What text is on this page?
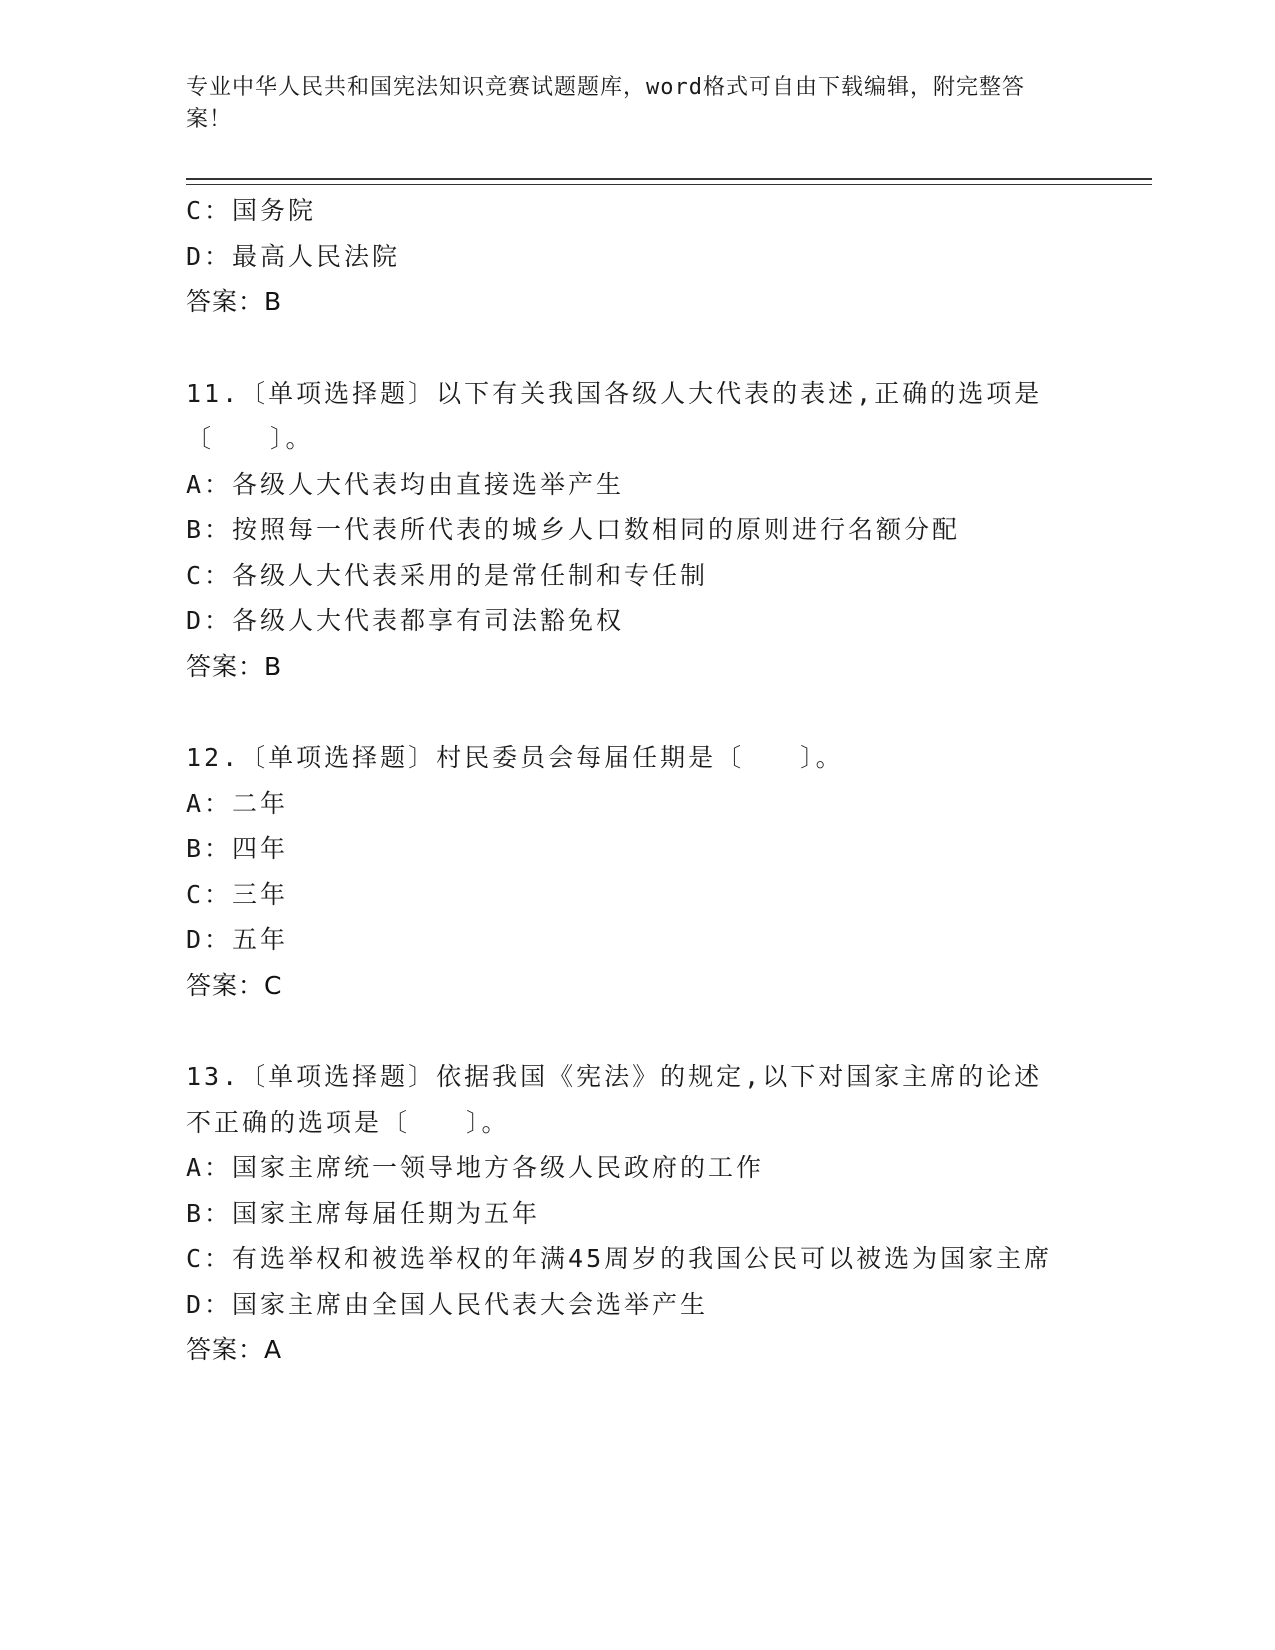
专业中华人民共和国宪法知识竞赛试题题库，word格式可自由下载编辑，附完整答案！
C：国务院
D：最高人民法院
答案：B
11.〔单项选择题〕以下有关我国各级人大代表的表述,正确的选项是〔　　〕。
A：各级人大代表均由直接选举产生
B：按照每一代表所代表的城乡人口数相同的原则进行名额分配
C：各级人大代表采用的是常任制和专任制
D：各级人大代表都享有司法豁免权
答案：B
12.〔单项选择题〕村民委员会每届任期是〔　　〕。
A：二年
B：四年
C：三年
D：五年
答案：C
13.〔单项选择题〕依据我国《宪法》的规定,以下对国家主席的论述不正确的选项是〔　　〕。
A：国家主席统一领导地方各级人民政府的工作
B：国家主席每届任期为五年
C：有选举权和被选举权的年满45周岁的我国公民可以被选为国家主席
D：国家主席由全国人民代表大会选举产生
答案：A
